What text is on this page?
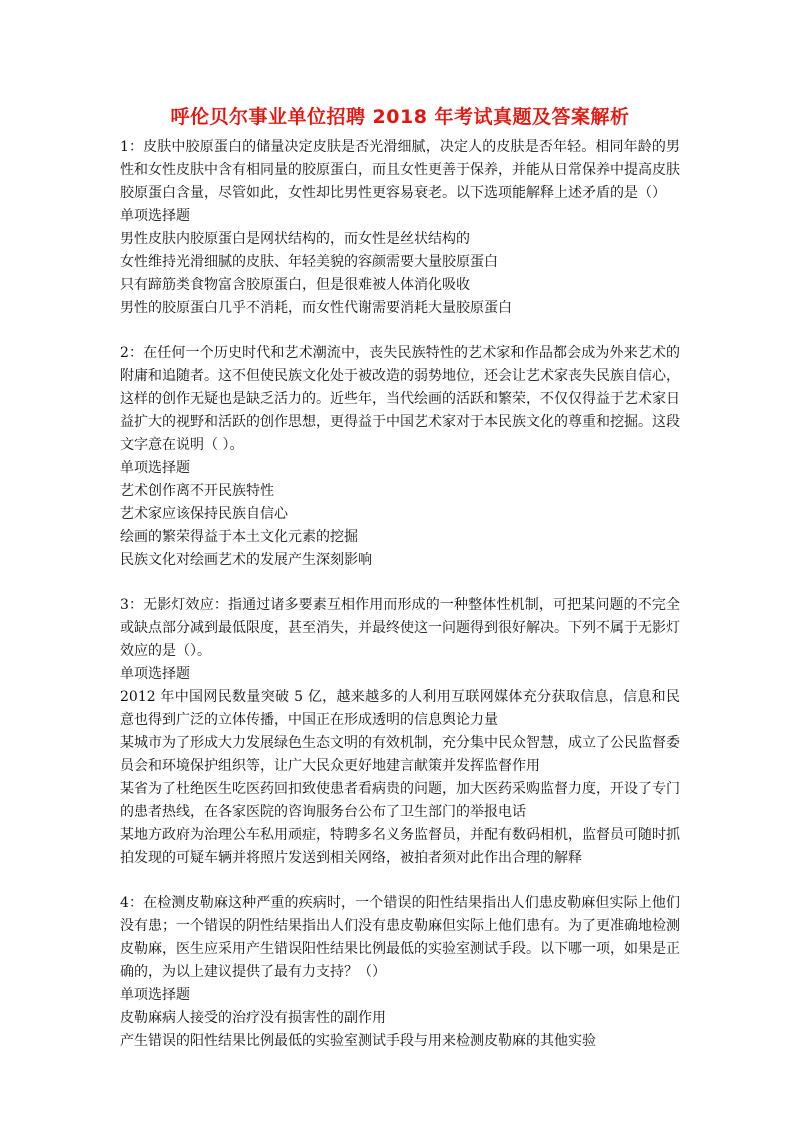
呼伦贝尔事业单位招聘 2018 年考试真题及答案解析

1：皮肤中胶原蛋白的储量决定皮肤是否光滑细腻，决定人的皮肤是否年轻。相同年龄的男性和女性皮肤中含有相同量的胶原蛋白，而且女性更善于保养，并能从日常保养中提高皮肤胶原蛋白含量，尽管如此，女性却比男性更容易衰老。以下选项能解释上述矛盾的是（）

单项选择题

男性皮肤内胶原蛋白是网状结构的，而女性是丝状结构的

女性维持光滑细腻的皮肤、年轻美貌的容颜需要大量胶原蛋白

只有蹄筋类食物富含胶原蛋白，但是很难被人体消化吸收

男性的胶原蛋白几乎不消耗，而女性代谢需要消耗大量胶原蛋白

2：在任何一个历史时代和艺术潮流中，丧失民族特性的艺术家和作品都会成为外来艺术的附庸和追随者。这不但使民族文化处于被改造的弱势地位，还会让艺术家丧失民族自信心，这样的创作无疑也是缺乏活力的。近些年，当代绘画的活跃和繁荣，不仅仅得益于艺术家日益扩大的视野和活跃的创作思想，更得益于中国艺术家对于本民族文化的尊重和挖掘。这段文字意在说明（ ）。

单项选择题

艺术创作离不开民族特性

艺术家应该保持民族自信心

绘画的繁荣得益于本土文化元素的挖掘

民族文化对绘画艺术的发展产生深刻影响

3：无影灯效应：指通过诸多要素互相作用而形成的一种整体性机制，可把某问题的不完全或缺点部分减到最低限度，甚至消失，并最终使这一问题得到很好解决。下列不属于无影灯效应的是（）。

单项选择题

2012 年中国网民数量突破 5 亿，越来越多的人利用互联网媒体充分获取信息，信息和民意也得到广泛的立体传播，中国正在形成透明的信息舆论力量

某城市为了形成大力发展绿色生态文明的有效机制，充分集中民众智慧，成立了公民监督委员会和环境保护组织等，让广大民众更好地建言献策并发挥监督作用

某省为了杜绝医生吃医药回扣致使患者看病贵的问题，加大医药采购监督力度，开设了专门的患者热线，在各家医院的咨询服务台公布了卫生部门的举报电话

某地方政府为治理公车私用顽症，特聘多名义务监督员，并配有数码相机，监督员可随时抓拍发现的可疑车辆并将照片发送到相关网络，被拍者须对此作出合理的解释

4：在检测皮勒麻这种严重的疾病时，一个错误的阳性结果指出人们患皮勒麻但实际上他们没有患；一个错误的阴性结果指出人们没有患皮勒麻但实际上他们患有。为了更准确地检测皮勒麻，医生应采用产生错误阳性结果比例最低的实验室测试手段。以下哪一项，如果是正确的，为以上建议提供了最有力支持？（）

单项选择题

皮勒麻病人接受的治疗没有损害性的副作用

产生错误的阳性结果比例最低的实验室测试手段与用来检测皮勒麻的其他实验
